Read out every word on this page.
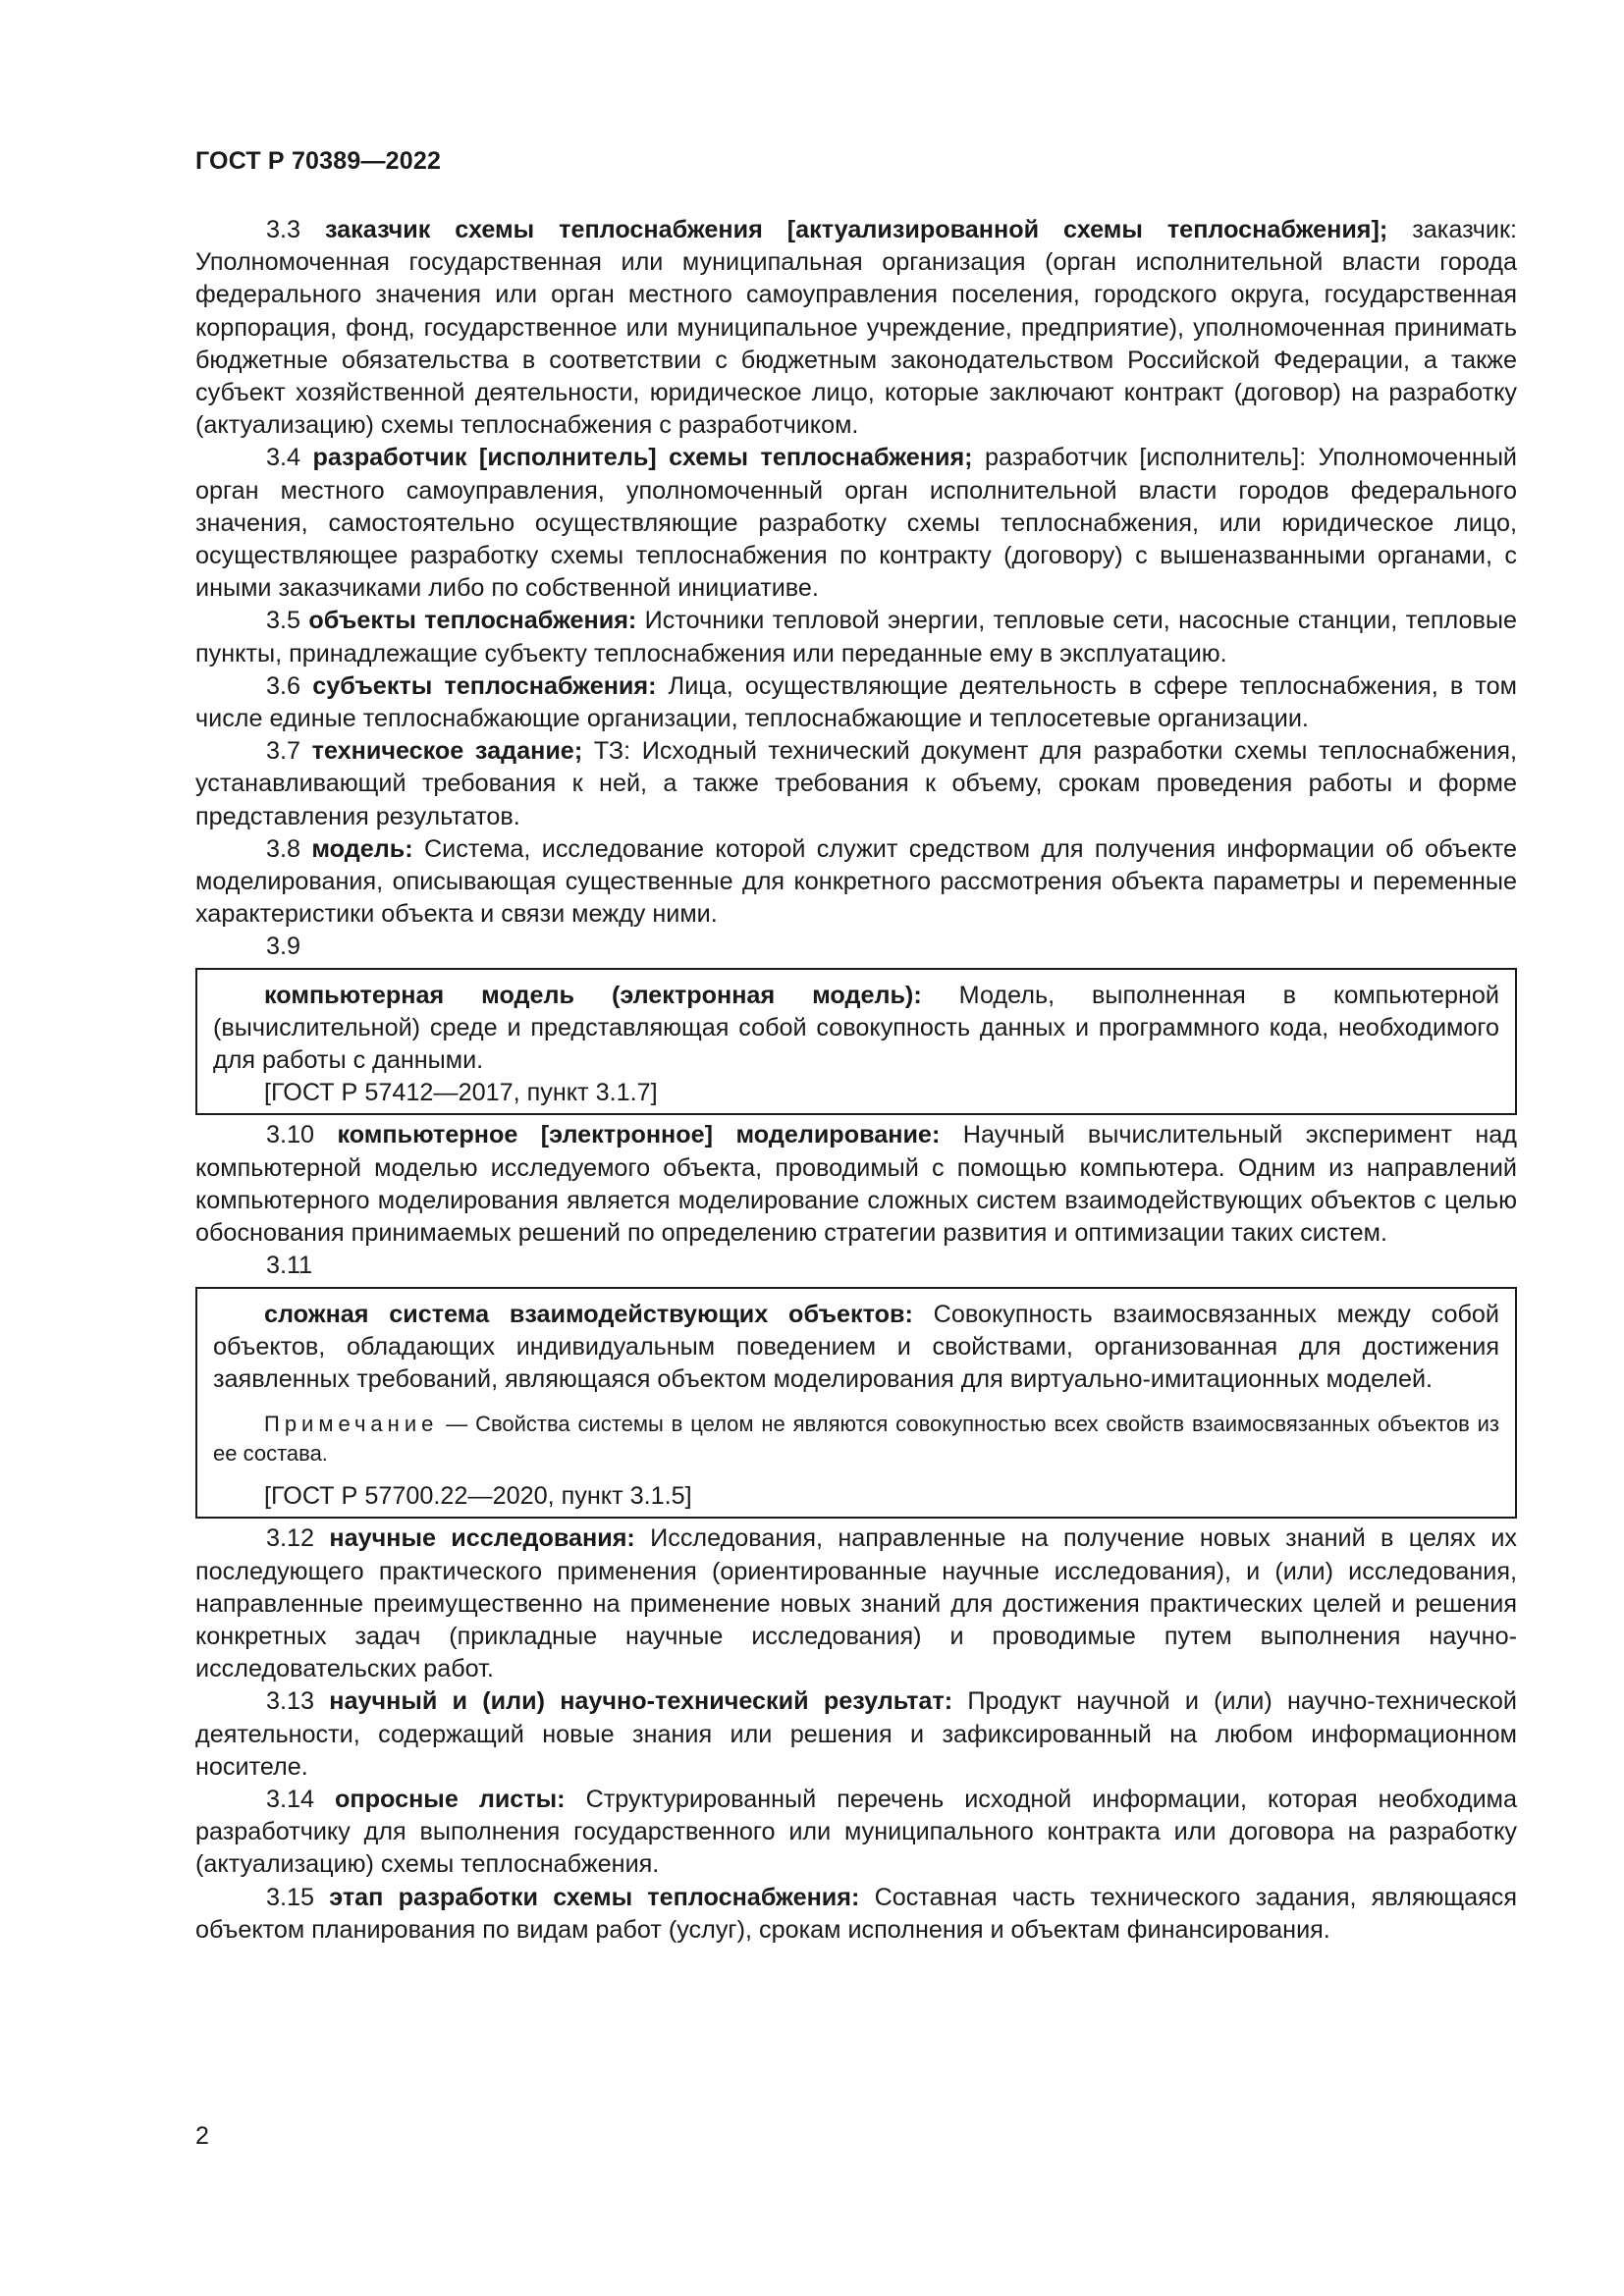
ГОСТ Р 70389—2022

3.3 заказчик схемы теплоснабжения [актуализированной схемы теплоснабжения]; заказчик: Уполномоченная государственная или муниципальная организация (орган исполнительной власти города федерального значения или орган местного самоуправления поселения, городского округа, государственная корпорация, фонд, государственное или муниципальное учреждение, предприятие), уполномоченная принимать бюджетные обязательства в соответствии с бюджетным законодательством Российской Федерации, а также субъект хозяйственной деятельности, юридическое лицо, которые заключают контракт (договор) на разработку (актуализацию) схемы теплоснабжения с разработчиком.

3.4 разработчик [исполнитель] схемы теплоснабжения; разработчик [исполнитель]: Уполномоченный орган местного самоуправления, уполномоченный орган исполнительной власти городов федерального значения, самостоятельно осуществляющие разработку схемы теплоснабжения, или юридическое лицо, осуществляющее разработку схемы теплоснабжения по контракту (договору) с вышеназванными органами, с иными заказчиками либо по собственной инициативе.

3.5 объекты теплоснабжения: Источники тепловой энергии, тепловые сети, насосные станции, тепловые пункты, принадлежащие субъекту теплоснабжения или переданные ему в эксплуатацию.

3.6 субъекты теплоснабжения: Лица, осуществляющие деятельность в сфере теплоснабжения, в том числе единые теплоснабжающие организации, теплоснабжающие и теплосетевые организации.

3.7 техническое задание; ТЗ: Исходный технический документ для разработки схемы теплоснабжения, устанавливающий требования к ней, а также требования к объему, срокам проведения работы и форме представления результатов.

3.8 модель: Система, исследование которой служит средством для получения информации об объекте моделирования, описывающая существенные для конкретного рассмотрения объекта параметры и переменные характеристики объекта и связи между ними.

3.9

компьютерная модель (электронная модель): Модель, выполненная в компьютерной (вычислительной) среде и представляющая собой совокупность данных и программного кода, необходимого для работы с данными.

[ГОСТ Р 57412—2017, пункт 3.1.7]

3.10 компьютерное [электронное] моделирование: Научный вычислительный эксперимент над компьютерной моделью исследуемого объекта, проводимый с помощью компьютера. Одним из направлений компьютерного моделирования является моделирование сложных систем взаимодействующих объектов с целью обоснования принимаемых решений по определению стратегии развития и оптимизации таких систем.

3.11

сложная система взаимодействующих объектов: Совокупность взаимосвязанных между собой объектов, обладающих индивидуальным поведением и свойствами, организованная для достижения заявленных требований, являющаяся объектом моделирования для виртуально-имитационных моделей.

Примечание — Свойства системы в целом не являются совокупностью всех свойств взаимосвязанных объектов из ее состава.

[ГОСТ Р 57700.22—2020, пункт 3.1.5]

3.12 научные исследования: Исследования, направленные на получение новых знаний в целях их последующего практического применения (ориентированные научные исследования), и (или) исследования, направленные преимущественно на применение новых знаний для достижения практических целей и решения конкретных задач (прикладные научные исследования) и проводимые путем выполнения научно-исследовательских работ.

3.13 научный и (или) научно-технический результат: Продукт научной и (или) научно-технической деятельности, содержащий новые знания или решения и зафиксированный на любом информационном носителе.

3.14 опросные листы: Структурированный перечень исходной информации, которая необходима разработчику для выполнения государственного или муниципального контракта или договора на разработку (актуализацию) схемы теплоснабжения.

3.15 этап разработки схемы теплоснабжения: Составная часть технического задания, являющаяся объектом планирования по видам работ (услуг), срокам исполнения и объектам финансирования.

2
